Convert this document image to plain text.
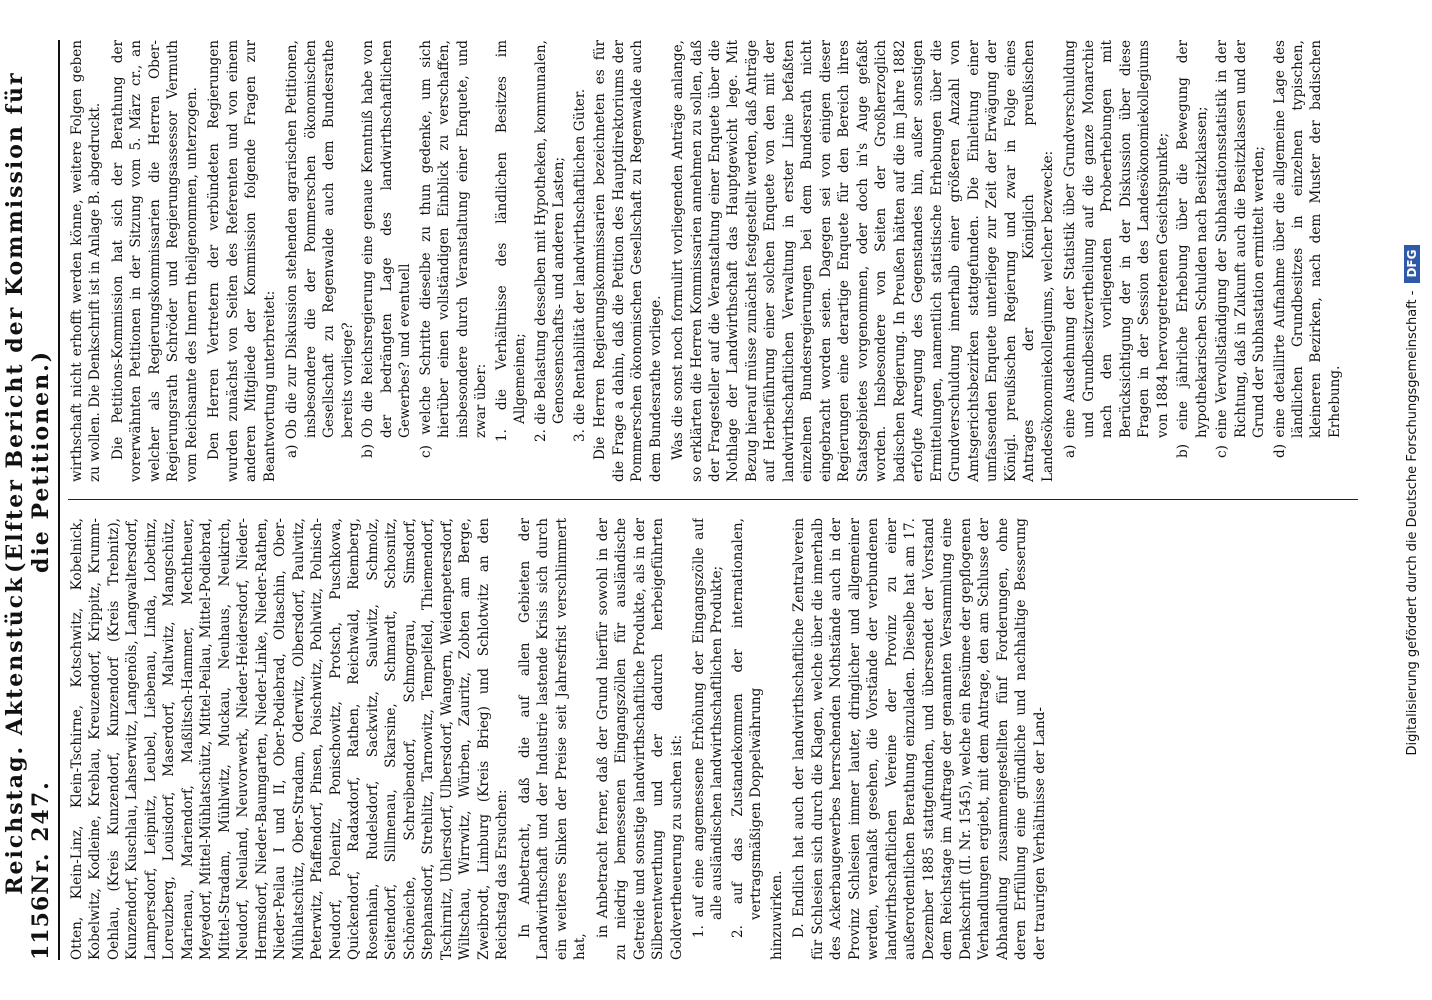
1156
Reichstag. Aktenstück Nr. 247.
(Elfter Bericht der Kommission für die Petitionen.)

Otten, Klein-Linz, Klein-Tschirne, Kotschwitz, Kobelnick, Kobelwitz, Kodleine, Kreblau, Kreuzendorf, Krippitz, Krumm-Oehlau, (Kreis Kunzendorf, Kunzendorf (Kreis Trebnitz), Kunzendorf, Kuschlau, Lahserwitz, Langenöls, Langwaltersdorf, Lampersdorf, Leipnitz, Leubel, Liebenau, Linda, Lobetinz, Loreuzberg, Louisdorf, Maserdorf, Maltwitz, Mangschütz, Marienau, Mariendorf, Maßlitsch-Hammer, Mechtheuer, Meyedorf, Mittel-Mühlatschütz, Mittel-Peilau, Mittel-Podiebrad, Mittel-Stradam, Mühlwitz, Muckau, Neuhaus, Neukirch, Neudorf, Neuland, Neuvorwerk, Nieder-Heidersdorf, Nieder-Hermsdorf, Nieder-Baumgarten, Nieder-Linke, Nieder-Rathen, Nieder-Peilau I und II, Ober-Podiebrad, Oltaschin, Ober-Mühlatschütz, Ober-Stradam, Oderwitz, Olbersdorf, Paulwitz, Peterwitz, Pfaffendorf, Pinsen, Poischwitz, Pohlwitz, Polnisch-Neudorf, Polenitz, Ponischowitz, Protsch, Puschkowa, Quickendorf, Radaxdorf, Rathen, Reichwald, Riemberg, Rosenhain, Rudelsdorf, Sackwitz, Saulwitz, Schmolz, Seitendorf, Sillmenau, Skarsine, Schmardt, Schosnitz, Schöneiche, Schreibendorf, Schmograu, Simsdorf, Stephansdorf, Strehlitz, Tarnowitz, Tempelfeld, Thiemendorf, Tschirnitz, Uhlersdorf, Ulbersdorf, Wangern, Weidenpetersdorf, Wiltschau, Wirrwitz, Würben, Zauritz, Zobten am Berge, Zweibrodt, Limburg (Kreis Brieg) und Schlotwitz an den Reichstag das Ersuchen: In Anbetracht, daß die auf allen Gebieten der Landwirthschaft und der Industrie lastende Krisis sich durch ein weiteres Sinken der Preise seit Jahresfrist verschlimmert hat,

in Anbetracht ferner, daß der Grund hierfür sowohl in der zu niedrig bemessenen Eingangszöllen für ausländische Getreide und sonstige landwirthschaftliche Produkte, als in der Silberentwerthung und der dadurch herbeigeführten Goldvertheuerung zu suchen ist: 1. auf eine angemessene Erhöhung der Eingangszölle auf alle ausländischen landwirthschaftlichen Produkte; 2. auf das Zustandekommen der internationalen, vertragsmäßigen Doppelwährung hinzuwirken. D. Endlich hat auch der landwirthschaftliche Zentralverein für Schlesien sich durch die Klagen, welche über die innerhalb des Ackerbaugewerbes herrschenden Nothstände auch in der Provinz Schlesien immer lauter, dringlicher und allgemeiner werden, veranlaßt gesehen, die Vorstände der verbundenen landwirthschaftlichen Vereine der Provinz zu einer außerordentlichen Berathung einzuladen. Dieselbe hat am 17. Dezember 1885 stattgefunden, und übersendet der Vorstand dem Reichstage im Auftrage der genannten Versammlung eine Denkschrift (II. Nr. 1545), welche ein Resümee der gepflogenen Verhandlungen ergiebt, mit dem Antrage, den am Schlusse der Abhandlung zusammengestellten fünf Forderungen, ohne deren Erfüllung eine gründliche und nachhaltige Besserung der traurigen Verhältnisse der Land-

wirthschaft nicht erhofft werden könne, weitere Folgen geben zu wollen. Die Denkschrift ist in Anlage B. abgedruckt. Die Petitions-Kommission hat sich der Berathung der vorerwähnten Petitionen in der Sitzung vom 5. März cr., an welcher als Regierungskommissarien die Herren Ober-Regierungsrath Schröder und Regierungsassessor Vermuth vom Reichsamte des Innern theilgenommen, unterzogen. Den Herren Vertretern der verbündeten Regierungen wurden zunächst von Seiten des Referenten und von einem anderen Mitgliede der Kommission folgende Fragen zur Beantwortung unterbreitet: a) Ob die zur Diskussion stehenden agrarischen Petitionen, insbesondere die der Pommerschen ökonomischen Gesellschaft zu Regenwalde auch dem Bundesrathe bereits vorliege? b) Ob die Reichsregierung eine genaue Kenntniß habe von der bedrängten Lage des landwirthschaftlichen Gewerbes? und eventuell c) welche Schritte dieselbe zu thun gedenke, um sich hierüber einen vollständigen Einblick zu verschaffen, insbesondere durch Veranstaltung einer Enquete, und zwar über: 1. die Verhältnisse des ländlichen Besitzes im Allgemeinen; 2. die Belastung desselben mit Hypotheken, kommunalen, Genossenschafts- und anderen Lasten; 3. die Rentabilität der landwirthschaftlichen Güter. Die Herren Regierungskommissarien bezeichneten es für die Frage a dahin, daß die Petition des Hauptdirektoriums der Pommerschen ökonomischen Gesellschaft zu Regenwalde auch dem Bundesrathe vorliege. Was die sonst noch formulirt vorliegenden Anträge anlange, so erklärten die Herren Kommissarien annehmen zu sollen, daß der Fragesteller auf die Veranstaltung einer Enquete über die Nothlage der Landwirthschaft das Hauptgewicht lege. Mit Bezug hierauf müsse zunächst festgestellt werden, daß Anträge auf Herbeiführung einer solchen Enquete von den mit der landwirthschaftlichen Verwaltung in erster Linie befaßten einzelnen Bundesregierungen bei dem Bundesrath nicht eingebracht worden seien. Dagegen sei von einigen dieser Regierungen eine derartige Enquete für den Bereich ihres Staatsgebietes vorgenommen, oder doch in's Auge gefaßt worden. Insbesondere von Seiten der Großherzoglich badischen Regierung. In Preußen hätten auf die im Jahre 1882 erfolgte Anregung des Gegenstandes hin, außer sonstigen Ermittelungen, namentlich statistische Erhebungen über die Grundverschuldung innerhalb einer größeren Anzahl von Amtsgerichtsbezirken stattgefunden. Die Einleitung einer umfassenden Enquete unterliege zur Zeit der Erwägung der Königl. preußischen Regierung und zwar in Folge eines Antrages der Königlich preußischen Landesökonomiekollegiums, welcher bezwecke: a) eine Ausdehnung der Statistik über Grundverschuldung und Grundbesitzvertheilung auf die ganze Monarchie nach den vorliegenden Probeerhebungen mit Berücksichtigung der in der Diskussion über diese Fragen in der Session des Landesökonomiekollegiums von 1884 hervorgetretenen Gesichtspunkte; b) eine jährliche Erhebung über die Bewegung der hypothekarischen Schulden nach Besitzklassen; c) eine Vervollständigung der Subhastationsstatistik in der Richtung, daß in Zukunft auch die Besitzklassen und der Grund der Subhastation ermittelt werden; d) eine detaillirte Aufnahme über die allgemeine Lage des ländlichen Grundbesitzes in einzelnen typischen, kleineren Bezirken, nach dem Muster der badischen Erhebung.	Digitalisierung gefördert durch die Deutsche Forschungsgemeinschaft -
DFG
